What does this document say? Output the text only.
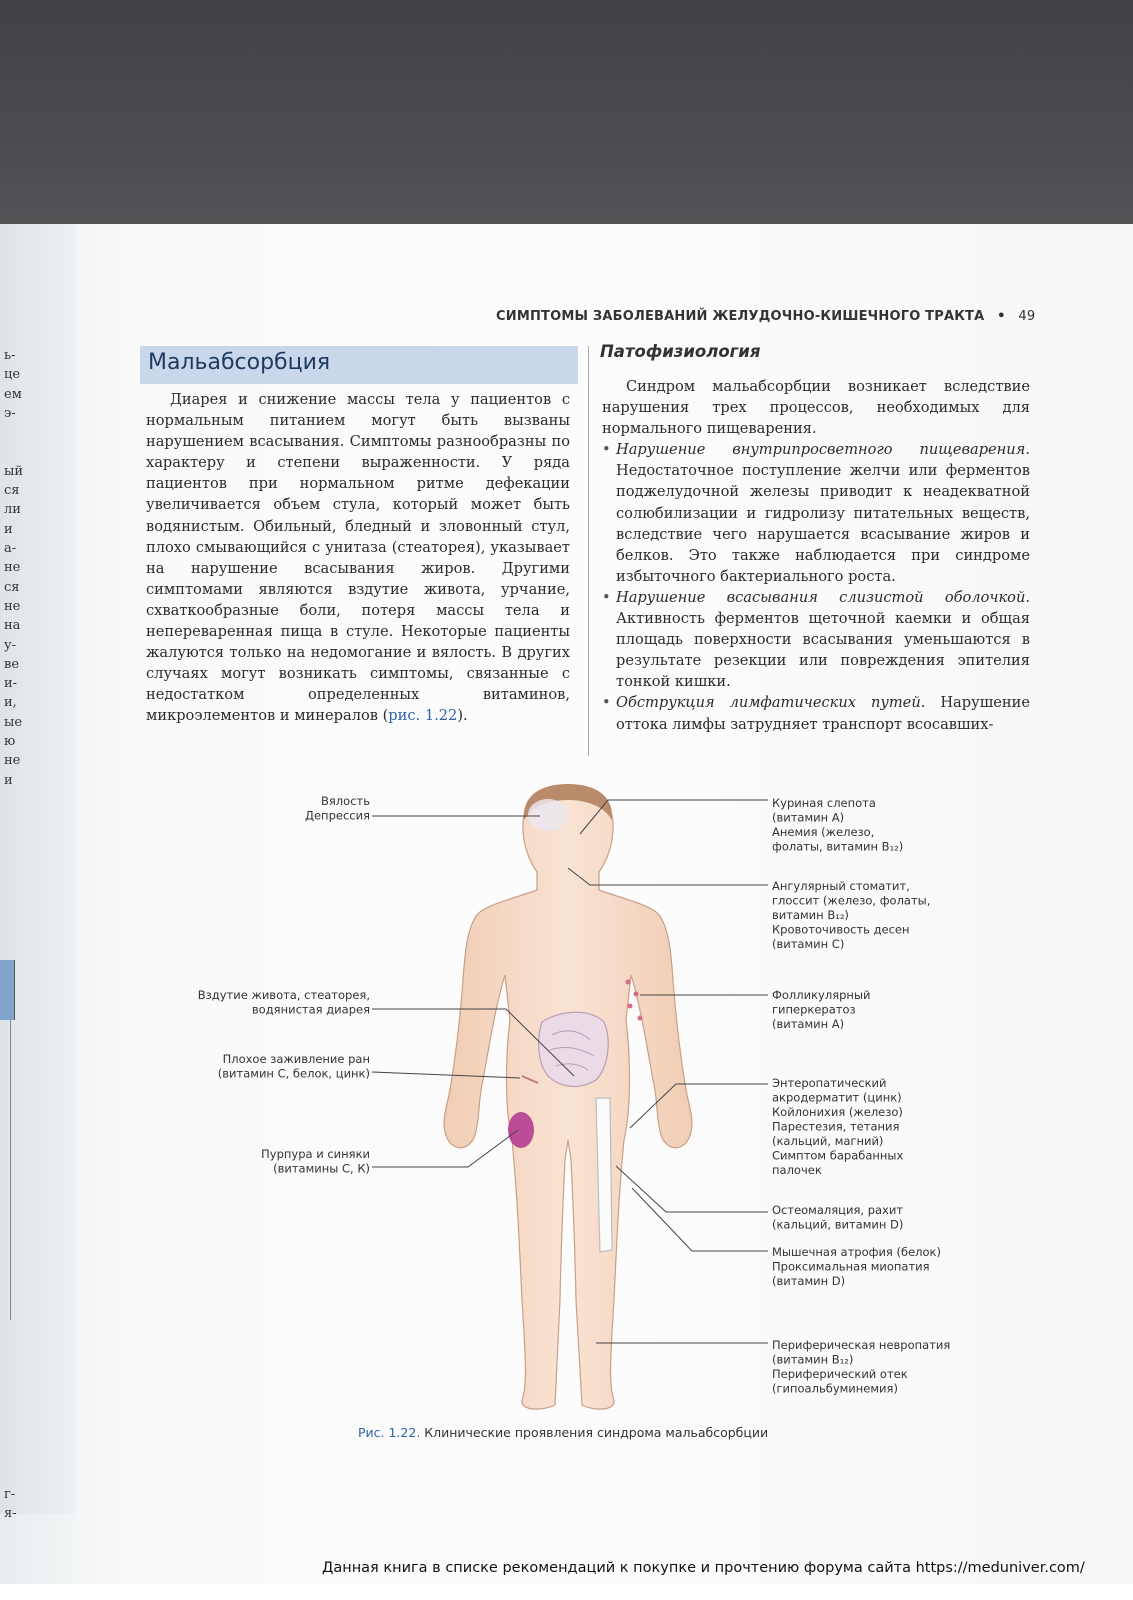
ь-
це
ем
э-
ый
ся
ли
и
а-
не
ся
не
на
у-
ве
и-
и,
ые
ю
не
и
г-
я-
СИМПТОМЫ ЗАБОЛЕВАНИЙ ЖЕЛУДОЧНО-КИШЕЧНОГО ТРАКТА • 49
Мальабсорбция
Диарея и снижение массы тела у пациентов с нормальным питанием могут быть вызваны нарушением всасывания. Симптомы разнообразны по характеру и степени выраженности. У ряда пациентов при нормальном ритме дефекации увеличивается объем стула, который может быть водянистым. Обильный, бледный и зловонный стул, плохо смывающийся с унитаза (стеаторея), указывает на нарушение всасывания жиров. Другими симптомами являются вздутие живота, урчание, схваткообразные боли, потеря массы тела и непереваренная пища в стуле. Некоторые пациенты жалуются только на недомогание и вялость. В других случаях могут возникать симптомы, связанные с недостатком определенных витаминов, микроэлементов и минералов (рис. 1.22).
Патофизиология

Синдром мальабсорбции возникает вследствие нарушения трех процессов, необходимых для нормального пищеварения.

• Нарушение внутрипросветного пищеварения. Недостаточное поступление желчи или ферментов поджелудочной железы приводит к неадекватной солюбилизации и гидролизу питательных веществ, вследствие чего нарушается всасывание жиров и белков. Это также наблюдается при синдроме избыточного бактериального роста.
• Нарушение всасывания слизистой оболочкой. Активность ферментов щеточной каемки и общая площадь поверхности всасывания уменьшаются в результате резекции или повреждения эпителия тонкой кишки.
• Обструкция лимфатических путей. Нарушение оттока лимфы затрудняет транспорт всосавших-
Вялость
Депрессия
Вздутие живота, стеаторея,
водянистая диарея
Плохое заживление ран
(витамин С, белок, цинк)
Пурпура и синяки
(витамины С, К)
Куриная слепота
(витамин А)
Анемия (железо,
фолаты, витамин B₁₂)
Ангулярный стоматит,
глоссит (железо, фолаты,
витамин B₁₂)
Кровоточивость десен
(витамин С)
Фолликулярный
гиперкератоз
(витамин А)
Энтеропатический
акродерматит (цинк)
Койлонихия (железо)
Парестезия, тетания
(кальций, магний)
Симптом барабанных
палочек
Остеомаляция, рахит
(кальций, витамин D)
Мышечная атрофия (белок)
Проксимальная миопатия
(витамин D)
Периферическая невропатия
(витамин B₁₂)
Периферический отек
(гипоальбуминемия)
Рис. 1.22. Клинические проявления синдрома мальабсорбции
Данная книга в списке рекомендаций к покупке и прочтению форума сайта https://meduniver.com/
